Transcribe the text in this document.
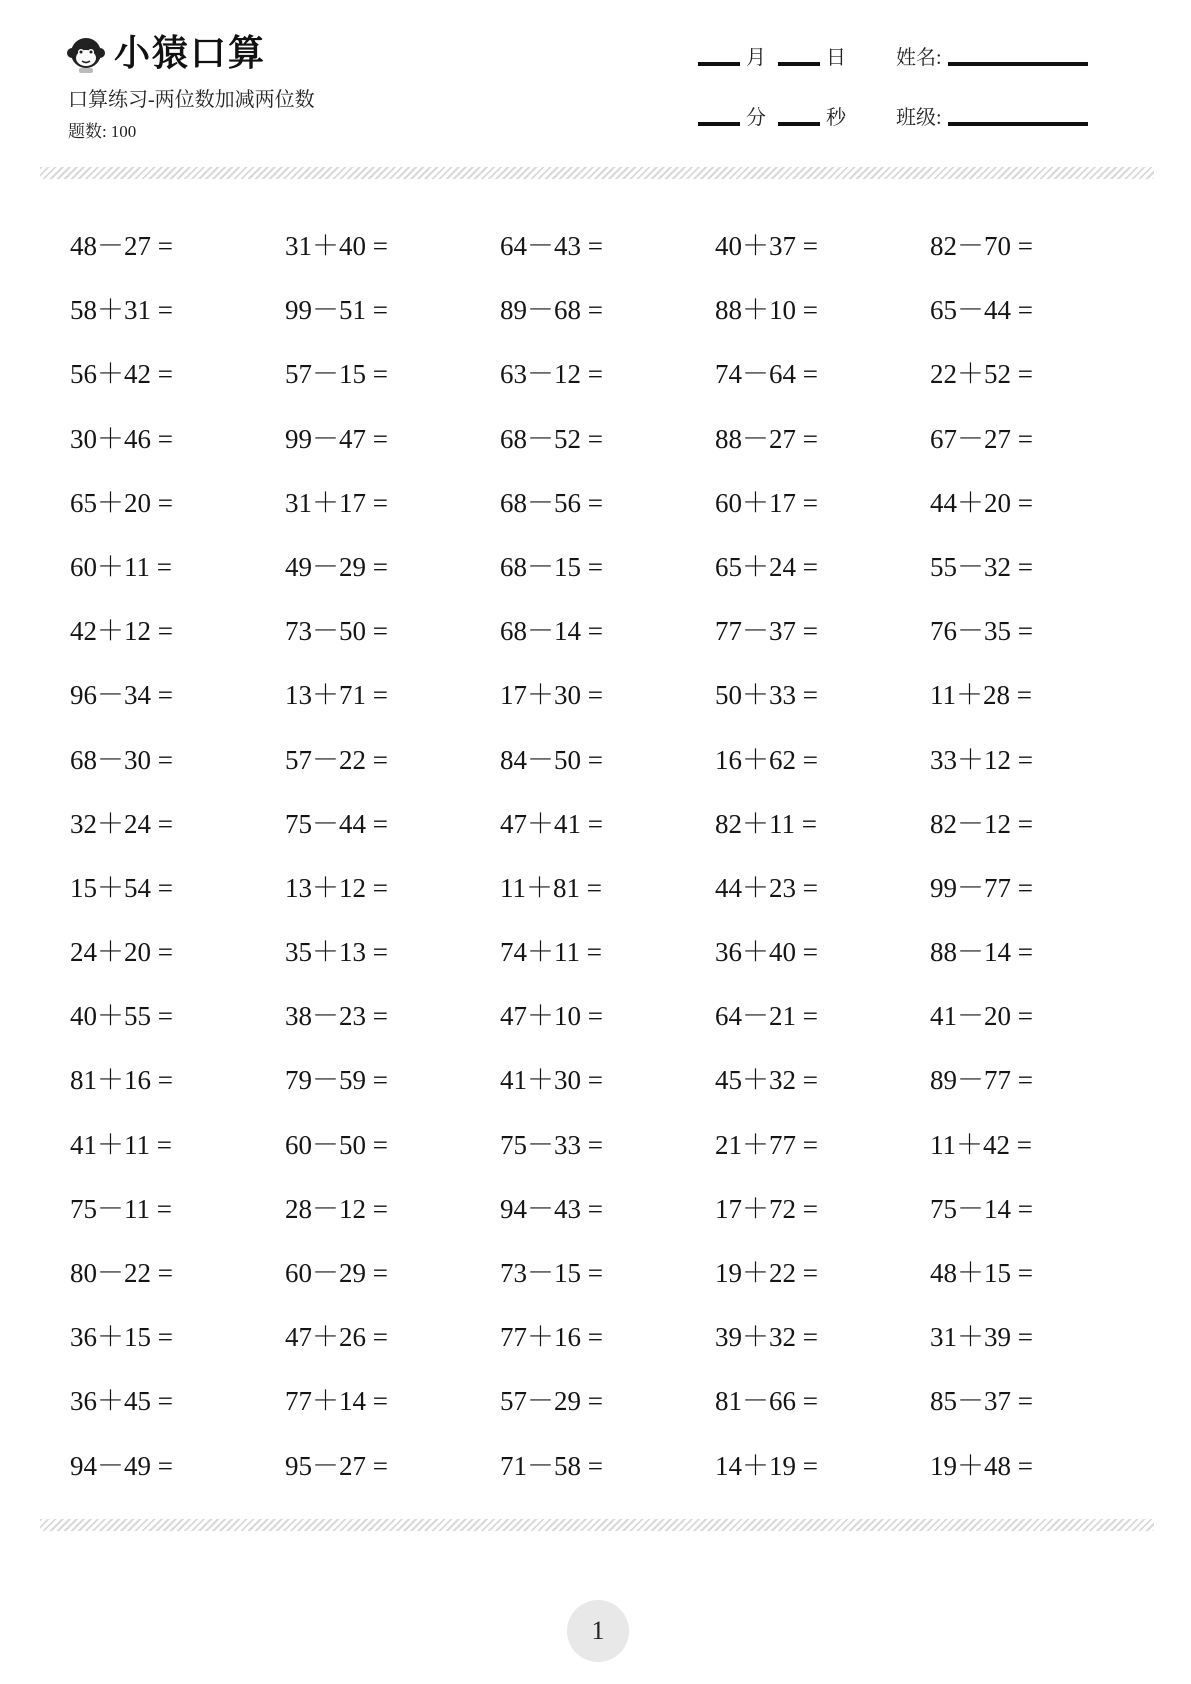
小猿口算
口算练习-两位数加减两位数
题数: 100
月	日	姓名:
分	秒	班级:
48－27 =	31＋40 =	64－43 =	40＋37 =	82－70 =
58＋31 =	99－51 =	89－68 =	88＋10 =	65－44 =
56＋42 =	57－15 =	63－12 =	74－64 =	22＋52 =
30＋46 =	99－47 =	68－52 =	88－27 =	67－27 =
65＋20 =	31＋17 =	68－56 =	60＋17 =	44＋20 =
60＋11 =	49－29 =	68－15 =	65＋24 =	55－32 =
42＋12 =	73－50 =	68－14 =	77－37 =	76－35 =
96－34 =	13＋71 =	17＋30 =	50＋33 =	11＋28 =
68－30 =	57－22 =	84－50 =	16＋62 =	33＋12 =
32＋24 =	75－44 =	47＋41 =	82＋11 =	82－12 =
15＋54 =	13＋12 =	11＋81 =	44＋23 =	99－77 =
24＋20 =	35＋13 =	74＋11 =	36＋40 =	88－14 =
40＋55 =	38－23 =	47＋10 =	64－21 =	41－20 =
81＋16 =	79－59 =	41＋30 =	45＋32 =	89－77 =
41＋11 =	60－50 =	75－33 =	21＋77 =	11＋42 =
75－11 =	28－12 =	94－43 =	17＋72 =	75－14 =
80－22 =	60－29 =	73－15 =	19＋22 =	48＋15 =
36＋15 =	47＋26 =	77＋16 =	39＋32 =	31＋39 =
36＋45 =	77＋14 =	57－29 =	81－66 =	85－37 =
94－49 =	95－27 =	71－58 =	14＋19 =	19＋48 =
1
